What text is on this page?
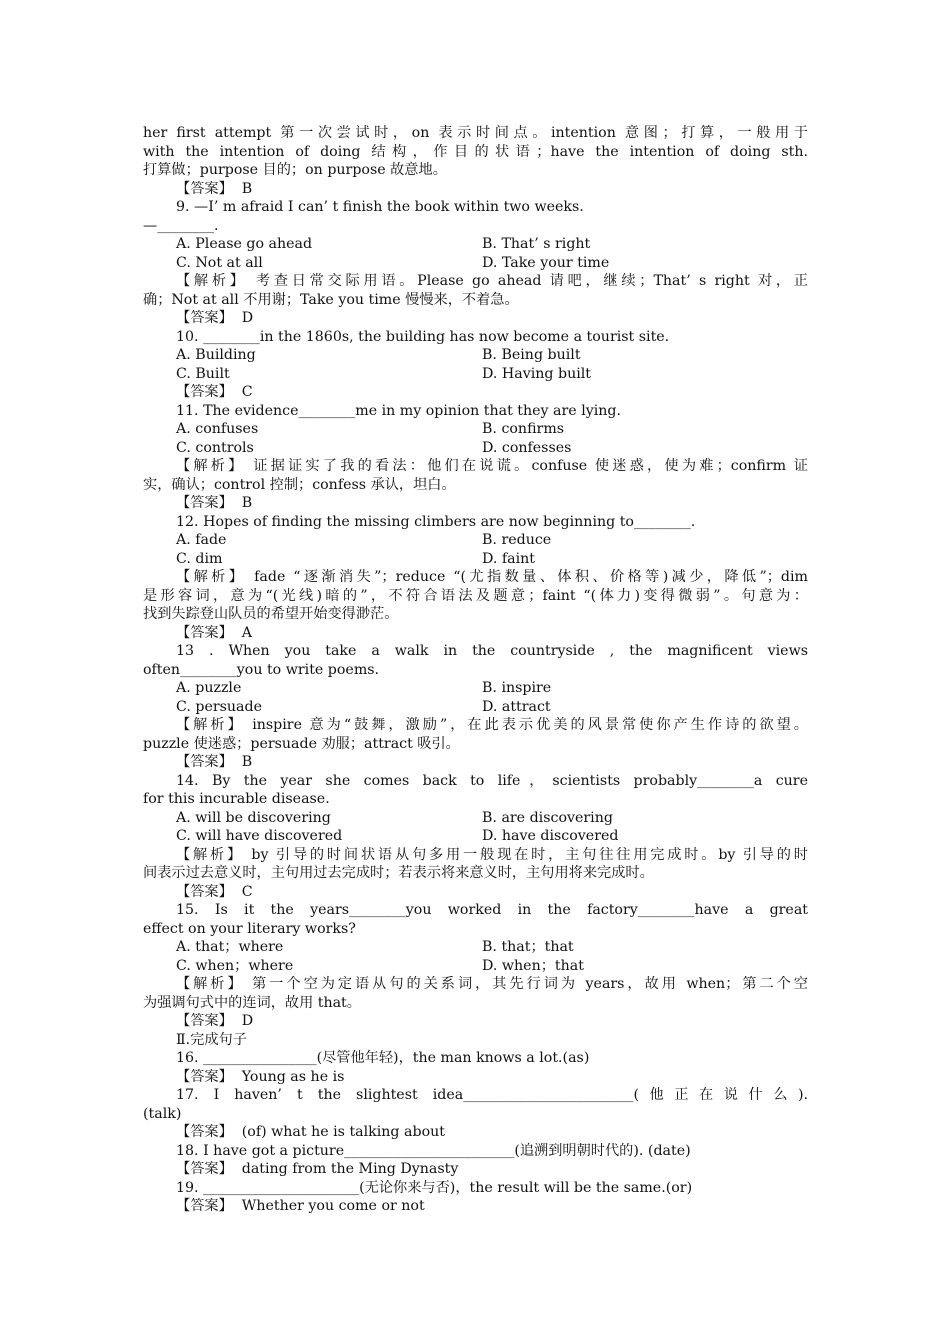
her first attempt 第一次尝试时，on 表示时间点。intention 意图；打算，一般用于
with the intention of doing 结构，作目的状语；have the intention of doing sth.
打算做；purpose 目的；on purpose 故意地。
【答案】  B
9. —I’ m afraid I can’ t finish the book within two weeks.
—________.
A. Please go ahead	B. That’ s right
C. Not at all	D. Take your time
【解析】 考查日常交际用语。Please go ahead 请吧，继续；That’ s right 对，正
确；Not at all 不用谢；Take you time 慢慢来，不着急。
【答案】  D
10. ________in the 1860s, the building has now become a tourist site.
A. Building	B. Being built
C. Built	D. Having built
【答案】  C
11. The evidence________me in my opinion that they are lying.
A. confuses	B. confirms
C. controls	D. confesses
【解析】 证据证实了我的看法：他们在说谎。confuse 使迷惑，使为难；confirm 证
实，确认；control 控制；confess 承认，坦白。
【答案】  B
12. Hopes of finding the missing climbers are now beginning to________.
A. fade	B. reduce
C. dim	D. faint
【解析】 fade “逐渐消失”；reduce “(尤指数量、体积、价格等)减少，降低”；dim
是形容词，意为“(光线)暗的”，不符合语法及题意；faint “(体力)变得微弱”。句意为：
找到失踪登山队员的希望开始变得渺茫。
【答案】  A
13 . When you take a walk in the countryside , the magnificent views
often________you to write poems.
A. puzzle	B. inspire
C. persuade	D. attract
【解析】 inspire 意为“鼓舞，激励”，在此表示优美的风景常使你产生作诗的欲望。
puzzle 使迷惑；persuade 劝服；attract 吸引。
【答案】  B
14. By the year she comes back to life，scientists probably________a cure
for this incurable disease.
A. will be discovering	B. are discovering
C. will have discovered	D. have discovered
【解析】 by 引导的时间状语从句多用一般现在时，主句往往用完成时。by 引导的时
间表示过去意义时，主句用过去完成时；若表示将来意义时，主句用将来完成时。
【答案】  C
15. Is it the years________you worked in the factory________have a great
effect on your literary works?
A. that；where	B. that；that
C. when；where	D. when；that
【解析】 第一个空为定语从句的关系词，其先行词为 years，故用 when；第二个空
为强调句式中的连词，故用 that。
【答案】  D
Ⅱ.完成句子
16. ________________(尽管他年轻)，the man knows a lot.(as)
【答案】  Young as he is
17. I haven’ t the slightest idea________________________(他正在说什么).
(talk)
【答案】  (of) what he is talking about
18. I have got a picture________________________(追溯到明朝时代的). (date)
【答案】  dating from the Ming Dynasty
19. ______________________(无论你来与否)，the result will be the same.(or)
【答案】  Whether you come or not
